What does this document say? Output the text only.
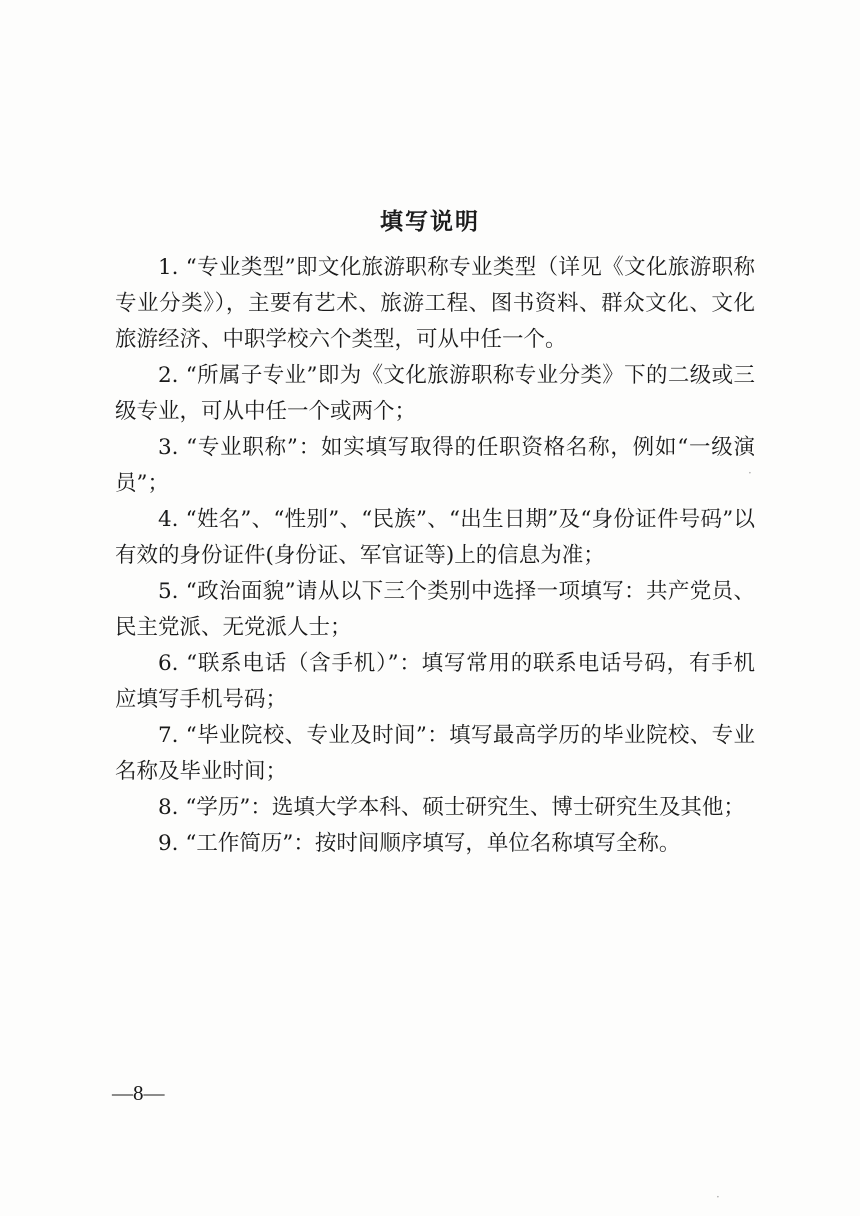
填写说明

1. “专业类型”即文化旅游职称专业类型（详见《文化旅游职称专业分类》），主要有艺术、旅游工程、图书资料、群众文化、文化旅游经济、中职学校六个类型，可从中任一个。

2. “所属子专业”即为《文化旅游职称专业分类》下的二级或三级专业，可从中任一个或两个；

3. “专业职称”：如实填写取得的任职资格名称，例如“一级演员”；

4. “姓名”、“性别”、“民族”、“出生日期”及“身份证件号码”以有效的身份证件(身份证、军官证等)上的信息为准；

5. “政治面貌”请从以下三个类别中选择一项填写：共产党员、民主党派、无党派人士；

6. “联系电话（含手机）”：填写常用的联系电话号码，有手机应填写手机号码；

7. “毕业院校、专业及时间”：填写最高学历的毕业院校、专业名称及毕业时间；

8. “学历”：选填大学本科、硕士研究生、博士研究生及其他；

9. “工作简历”：按时间顺序填写，单位名称填写全称。

—8—
·
·
